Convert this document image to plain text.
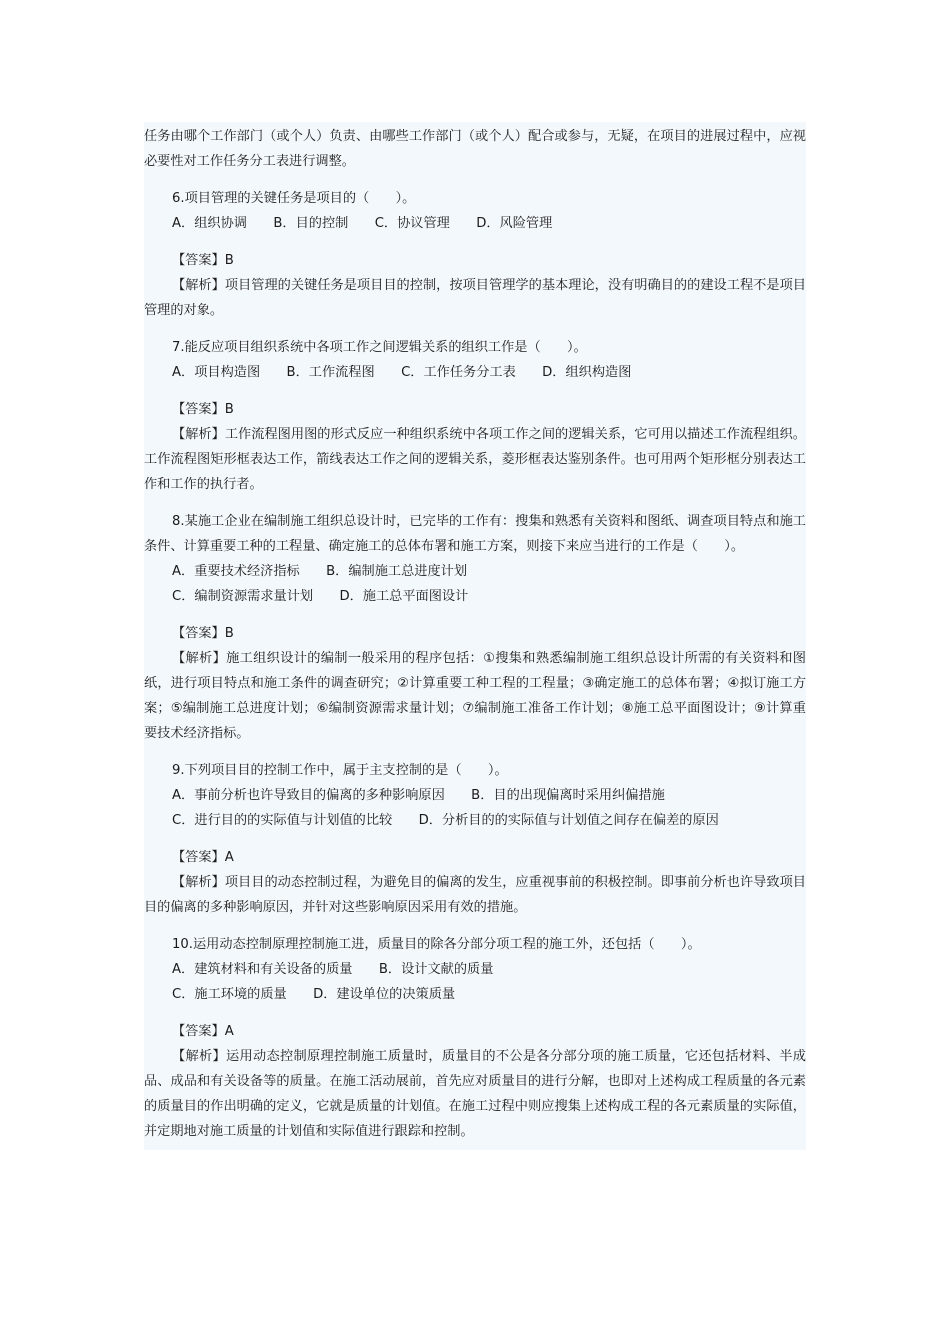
任务由哪个工作部门（或个人）负责、由哪些工作部门（或个人）配合或参与，无疑，在项目的进展过程中，应视必要性对工作任务分工表进行调整。

6.项目管理的关键任务是项目的（　　）。

A．组织协调　　B．目的控制　　C．协议管理　　D．风险管理

【答案】B

【解析】项目管理的关键任务是项目目的控制，按项目管理学的基本理论，没有明确目的的建设工程不是项目管理的对象。

7.能反应项目组织系统中各项工作之间逻辑关系的组织工作是（　　）。

A．项目构造图　　B．工作流程图　　C．工作任务分工表　　D．组织构造图

【答案】B

【解析】工作流程图用图的形式反应一种组织系统中各项工作之间的逻辑关系，它可用以描述工作流程组织。工作流程图矩形框表达工作，箭线表达工作之间的逻辑关系，菱形框表达鉴别条件。也可用两个矩形框分别表达工作和工作的执行者。

8.某施工企业在编制施工组织总设计时，已完毕的工作有：搜集和熟悉有关资料和图纸、调查项目特点和施工条件、计算重要工种的工程量、确定施工的总体布署和施工方案，则接下来应当进行的工作是（　　）。

A．重要技术经济指标　　B．编制施工总进度计划

C．编制资源需求量计划　　D．施工总平面图设计

【答案】B

【解析】施工组织设计的编制一般采用的程序包括：①搜集和熟悉编制施工组织总设计所需的有关资料和图纸，进行项目特点和施工条件的调查研究；②计算重要工种工程的工程量；③确定施工的总体布署；④拟订施工方案；⑤编制施工总进度计划；⑥编制资源需求量计划；⑦编制施工准备工作计划；⑧施工总平面图设计；⑨计算重要技术经济指标。

9.下列项目目的控制工作中，属于主支控制的是（　　）。

A．事前分析也许导致目的偏离的多种影响原因　　B．目的出现偏离时采用纠偏措施

C．进行目的的实际值与计划值的比较　　D．分析目的的实际值与计划值之间存在偏差的原因

【答案】A

【解析】项目目的动态控制过程，为避免目的偏离的发生，应重视事前的积极控制。即事前分析也许导致项目目的偏离的多种影响原因，并针对这些影响原因采用有效的措施。

10.运用动态控制原理控制施工进，质量目的除各分部分项工程的施工外，还包括（　　）。

A．建筑材料和有关设备的质量　　B．设计文献的质量

C．施工环境的质量　　D．建设单位的决策质量

【答案】A

【解析】运用动态控制原理控制施工质量时，质量目的不公是各分部分项的施工质量，它还包括材料、半成品、成品和有关设备等的质量。在施工活动展前，首先应对质量目的进行分解，也即对上述构成工程质量的各元素的质量目的作出明确的定义，它就是质量的计划值。在施工过程中则应搜集上述构成工程的各元素质量的实际值，并定期地对施工质量的计划值和实际值进行跟踪和控制。
